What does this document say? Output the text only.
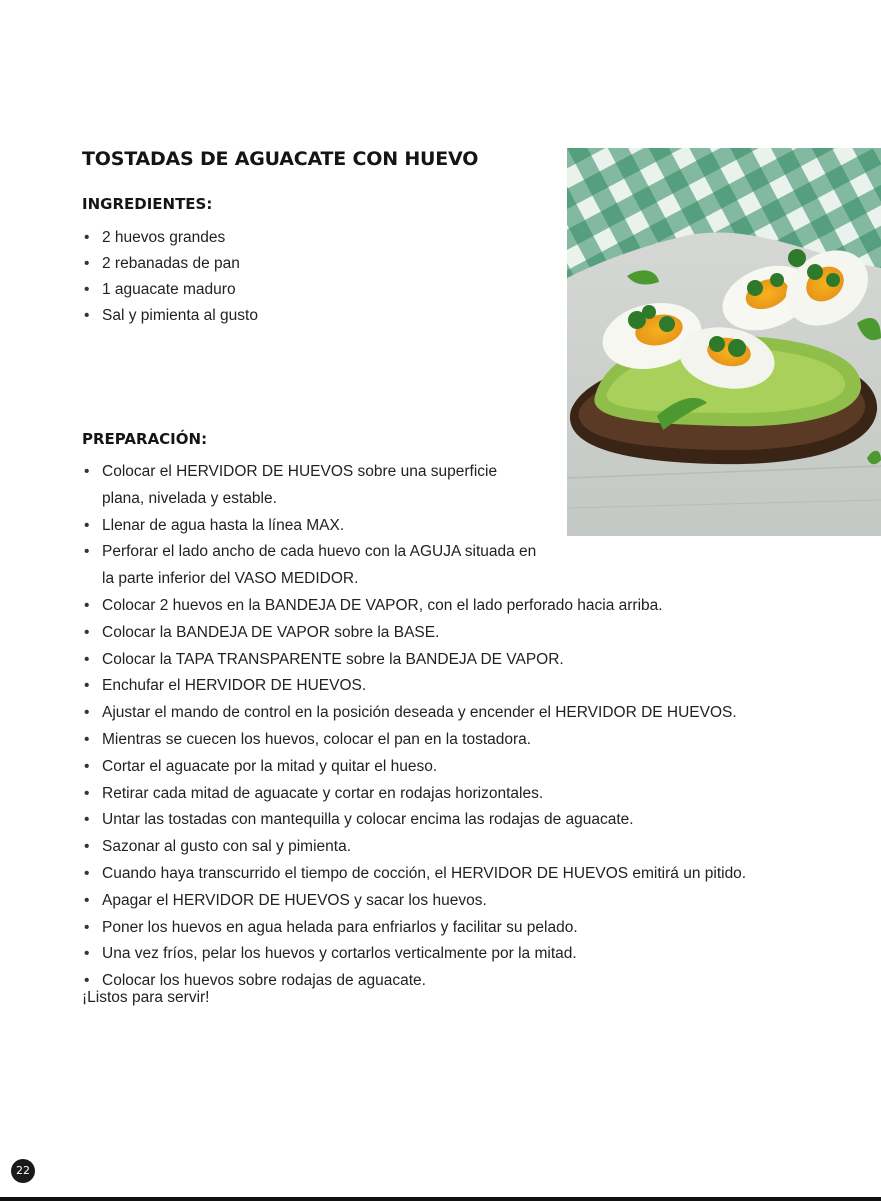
TOSTADAS DE AGUACATE CON HUEVO
INGREDIENTES:
• 2 huevos grandes
• 2 rebanadas de pan
• 1 aguacate maduro
• Sal y pimienta al gusto
PREPARACIÓN:
• Colocar el HERVIDOR DE HUEVOS sobre una superficie plana, nivelada y estable.
• Llenar de agua hasta la línea MAX.
• Perforar el lado ancho de cada huevo con la AGUJA situada en la parte inferior del VASO MEDIDOR.
• Colocar 2 huevos en la BANDEJA DE VAPOR, con el lado perforado hacia arriba.
• Colocar la BANDEJA DE VAPOR sobre la BASE.
• Colocar la TAPA TRANSPARENTE sobre la BANDEJA DE VAPOR.
• Enchufar el HERVIDOR DE HUEVOS.
• Ajustar el mando de control en la posición deseada y encender el HERVIDOR DE HUEVOS.
• Mientras se cuecen los huevos, colocar el pan en la tostadora.
• Cortar el aguacate por la mitad y quitar el hueso.
• Retirar cada mitad de aguacate y cortar en rodajas horizontales.
• Untar las tostadas con mantequilla y colocar encima las rodajas de aguacate.
• Sazonar al gusto con sal y pimienta.
• Cuando haya transcurrido el tiempo de cocción, el HERVIDOR DE HUEVOS emitirá un pitido.
• Apagar el HERVIDOR DE HUEVOS y sacar los huevos.
• Poner los huevos en agua helada para enfriarlos y facilitar su pelado.
• Una vez fríos, pelar los huevos y cortarlos verticalmente por la mitad.
• Colocar los huevos sobre rodajas de aguacate.
¡Listos para servir!
22
